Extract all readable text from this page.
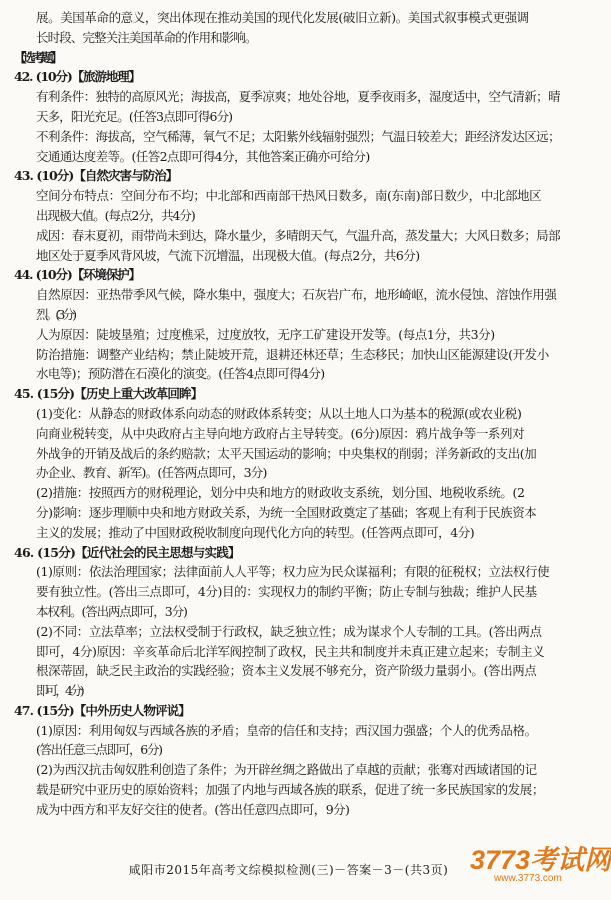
展。美国革命的意义，突出体现在推动美国的现代化发展(破旧立新)。美国式叙事模式更强调
长时段、完整关注美国革命的作用和影响。
【选考题】
42. (10分)【旅游地理】
有利条件：独特的高原风光；海拔高，夏季凉爽；地处谷地，夏季夜雨多，湿度适中，空气清新；晴
天多，阳光充足。(任答3点即可得6分)
不利条件：海拔高，空气稀薄，氧气不足；太阳紫外线辐射强烈；气温日较差大；距经济发达区远；
交通通达度差等。(任答2点即可得4分，其他答案正确亦可给分)
43. (10分)【自然灾害与防治】
空间分布特点：空间分布不均；中北部和西南部干热风日数多，南(东南)部日数少，中北部地区
出现极大值。(每点2分，共4分)
成因：春末夏初，雨带尚未到达，降水量少，多晴朗天气，气温升高，蒸发量大；大风日数多；局部
地区处于夏季风背风坡，气流下沉增温，出现极大值。(每点2分，共6分)
44. (10分)【环境保护】
自然原因：亚热带季风气候，降水集中，强度大；石灰岩广布，地形崎岖，流水侵蚀、溶蚀作用强
烈。(3分)
人为原因：陡坡垦殖；过度樵采，过度放牧，无序工矿建设开发等。(每点1分，共3分)
防治措施：调整产业结构；禁止陡坡开荒，退耕还林还草；生态移民；加快山区能源建设(开发小
水电等)；预防潜在石漠化的演变。(任答4点即可得4分)
45. (15分)【历史上重大改革回眸】
(1)变化：从静态的财政体系向动态的财政体系转变；从以土地人口为基本的税源(或农业税)
向商业税转变，从中央政府占主导向地方政府占主导转变。(6分)原因：鸦片战争等一系列对
外战争的开销及战后的条约赔款；太平天国运动的影响；中央集权的削弱；洋务新政的支出(加
办企业、教育、新军)。(任答两点即可，3分)
(2)措施：按照西方的财税理论，划分中央和地方的财政收支系统，划分国、地税收系统。(2
分)影响：逐步理顺中央和地方财政关系，为统一全国财政奠定了基础；客观上有利于民族资本
主义的发展；推动了中国财政税收制度向现代化方向的转型。(任答两点即可，4分)
46. (15分)【近代社会的民主思想与实践】
(1)原则：依法治理国家；法律面前人人平等；权力应为民众谋福利；有限的征税权；立法权行使
要有独立性。(答出三点即可，4分)目的：实现权力的制约平衡；防止专制与独裁；维护人民基
本权利。(答出两点即可，3分)
(2)不同：立法草率；立法权受制于行政权，缺乏独立性；成为谋求个人专制的工具。(答出两点
即可，4分)原因：辛亥革命后北洋军阀控制了政权，民主共和制度并未真正建立起来；专制主义
根深蒂固，缺乏民主政治的实践经验；资本主义发展不够充分，资产阶级力量弱小。(答出两点
即可，4分)
47. (15分)【中外历史人物评说】
(1)原因：利用匈奴与西域各族的矛盾；皇帝的信任和支持；西汉国力强盛；个人的优秀品格。
(答出任意三点即可，6分)
(2)为西汉抗击匈奴胜利创造了条件；为开辟丝绸之路做出了卓越的贡献；张骞对西域诸国的记
载是研究中亚历史的原始资料；加强了内地与西域各族的联系，促进了统一多民族国家的发展；
成为中西方和平友好交往的使者。(答出任意四点即可，9分)
咸阳市2015年高考文综模拟检测(三)－答案－3－(共3页) 3773考试网
www.3773.com
